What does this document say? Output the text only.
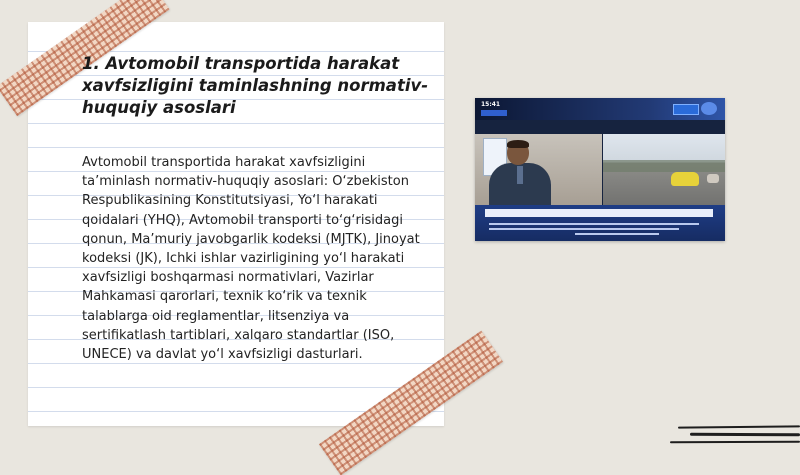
1. Avtomobil transportida harakat xavfsizligini taminlashning normativ-huquqiy asoslari

Avtomobil transportida harakat xavfsizligini ta’minlash normativ-huquqiy asoslari: O‘zbekiston Respublikasining Konstitutsiyasi, Yo‘l harakati qoidalari (YHQ), Avtomobil transporti to‘g‘risidagi qonun, Ma’muriy javobgarlik kodeksi (MJTK), Jinoyat kodeksi (JK), Ichki ishlar vazirligining yo‘l harakati xavfsizligi boshqarmasi normativlari, Vazirlar Mahkamasi qarorlari, texnik ko‘rik va texnik talablarga oid reglamentlar, litsenziya va sertifikatlash tartiblari, xalqaro standartlar (ISO, UNECE) va davlat yo‘l xavfsizligi dasturlari.

15:41
